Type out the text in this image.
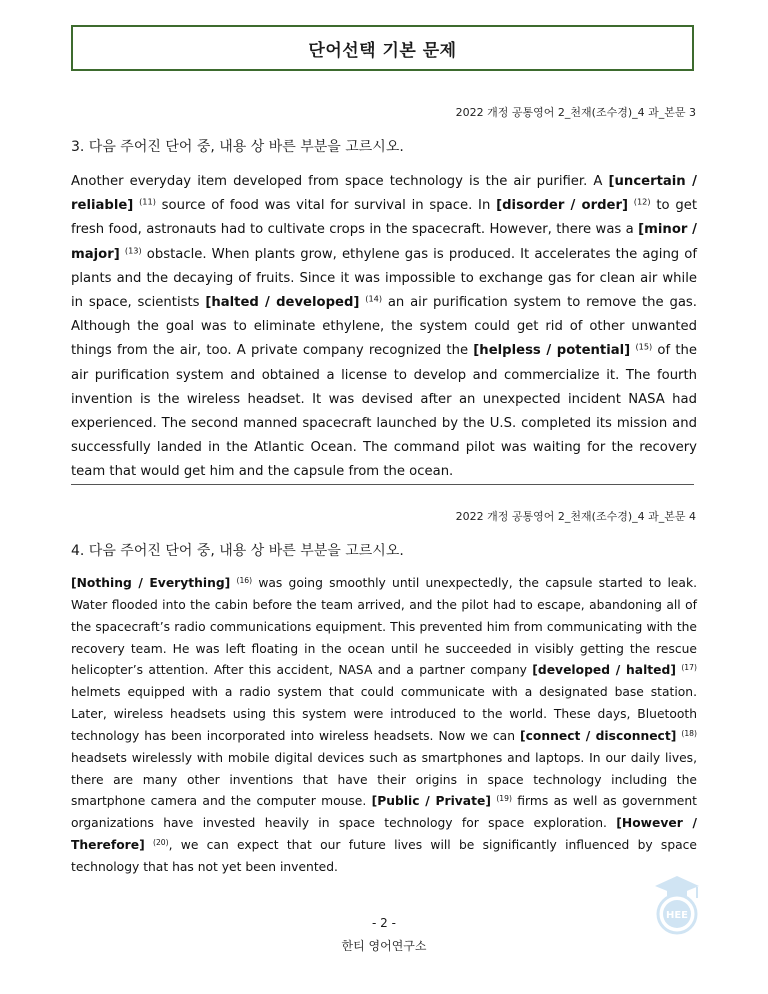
단어선택 기본 문제
2022 개정 공통영어 2_천재(조수경)_4 과_본문 3
3. 다음 주어진 단어 중, 내용 상 바른 부분을 고르시오.
Another everyday item developed from space technology is the air purifier. A [uncertain / reliable] $^{(11)}$ source of food was vital for survival in space. In [disorder / order] $^{(12)}$ to get fresh food, astronauts had to cultivate crops in the spacecraft. However, there was a [minor / major] $^{(13)}$ obstacle. When plants grow, ethylene gas is produced. It accelerates the aging of plants and the decaying of fruits. Since it was impossible to exchange gas for clean air while in space, scientists [halted / developed] $^{(14)}$ an air purification system to remove the gas. Although the goal was to eliminate ethylene, the system could get rid of other unwanted things from the air, too. A private company recognized the [helpless / potential] $^{(15)}$ of the air purification system and obtained a license to develop and commercialize it. The fourth invention is the wireless headset. It was devised after an unexpected incident NASA had experienced. The second manned spacecraft launched by the U.S. completed its mission and successfully landed in the Atlantic Ocean. The command pilot was waiting for the recovery team that would get him and the capsule from the ocean.
2022 개정 공통영어 2_천재(조수경)_4 과_본문 4
4. 다음 주어진 단어 중, 내용 상 바른 부분을 고르시오.
[Nothing / Everything] $^{(16)}$ was going smoothly until unexpectedly, the capsule started to leak. Water flooded into the cabin before the team arrived, and the pilot had to escape, abandoning all of the spacecraft’s radio communications equipment. This prevented him from communicating with the recovery team. He was left floating in the ocean until he succeeded in visibly getting the rescue helicopter’s attention. After this accident, NASA and a partner company [developed / halted] $^{(17)}$ helmets equipped with a radio system that could communicate with a designated base station. Later, wireless headsets using this system were introduced to the world. These days, Bluetooth technology has been incorporated into wireless headsets. Now we can [connect / disconnect] $^{(18)}$ headsets wirelessly with mobile digital devices such as smartphones and laptops. In our daily lives, there are many other inventions that have their origins in space technology including the smartphone camera and the computer mouse. [Public / Private] $^{(19)}$ firms as well as government organizations have invested heavily in space technology for space exploration. [However / Therefore] $^{(20)}$, we can expect that our future lives will be significantly influenced by space technology that has not yet been invented.
- 2 -
한티 영어연구소
HEE
